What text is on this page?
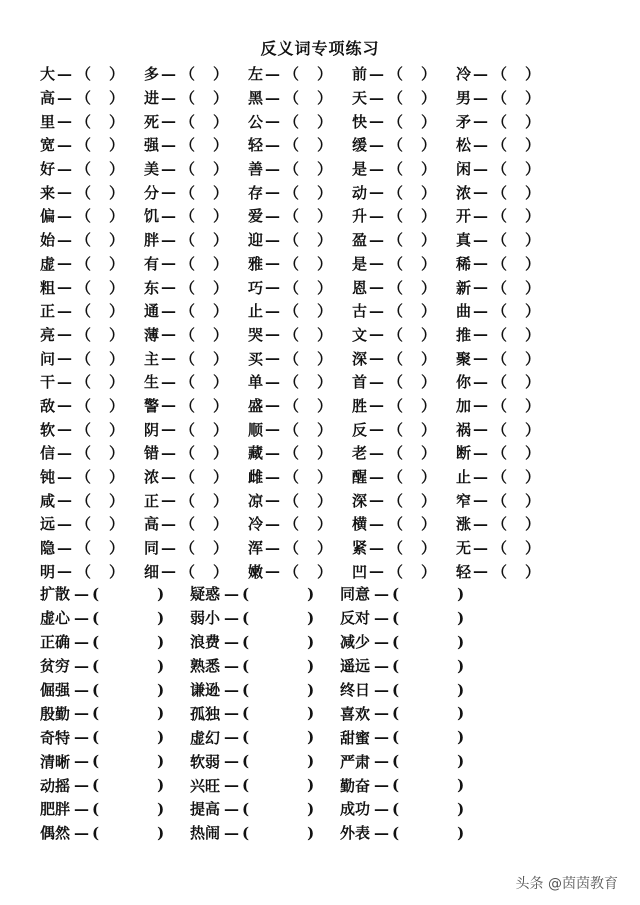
反义词专项练习
大 — （ ） 多 — （ ） 左 — （ ） 前 — （ ） 冷 — （ ）
高 — （ ） 进 — （ ） 黑 — （ ） 天 — （ ） 男 — （ ）
里 — （ ） 死 — （ ） 公 — （ ） 快 — （ ） 矛 — （ ）
宽 — （ ） 强 — （ ） 轻 — （ ） 缓 — （ ） 松 — （ ）
好 — （ ） 美 — （ ） 善 — （ ） 是 — （ ） 闲 — （ ）
来 — （ ） 分 — （ ） 存 — （ ） 动 — （ ） 浓 — （ ）
偏 — （ ） 饥 — （ ） 爱 — （ ） 升 — （ ） 开 — （ ）
始 — （ ） 胖 — （ ） 迎 — （ ） 盈 — （ ） 真 — （ ）
虚 — （ ） 有 — （ ） 雅 — （ ） 是 — （ ） 稀 — （ ）
粗 — （ ） 东 — （ ） 巧 — （ ） 恩 — （ ） 新 — （ ）
正 — （ ） 通 — （ ） 止 — （ ） 古 — （ ） 曲 — （ ）
亮 — （ ） 薄 — （ ） 哭 — （ ） 文 — （ ） 推 — （ ）
问 — （ ） 主 — （ ） 买 — （ ） 深 — （ ） 聚 — （ ）
干 — （ ） 生 — （ ） 单 — （ ） 首 — （ ） 你 — （ ）
敌 — （ ） 警 — （ ） 盛 — （ ） 胜 — （ ） 加 — （ ）
软 — （ ） 阴 — （ ） 顺 — （ ） 反 — （ ） 祸 — （ ）
信 — （ ） 错 — （ ） 藏 — （ ） 老 — （ ） 断 — （ ）
钝 — （ ） 浓 — （ ） 雌 — （ ） 醒 — （ ） 止 — （ ）
咸 — （ ） 正 — （ ） 凉 — （ ） 深 — （ ） 窄 — （ ）
远 — （ ） 高 — （ ） 冷 — （ ） 横 — （ ） 涨 — （ ）
隐 — （ ） 同 — （ ） 浑 — （ ） 紧 — （ ） 无 — （ ）
明 — （ ） 细 — （ ） 嫩 — （ ） 凹 — （ ） 轻 — （ ）
扩散 — (	) 疑惑 — (	) 同意 — (	)
虚心 — (	) 弱小 — (	) 反对 — (	)
正确 — (	) 浪费 — (	) 减少 — (	)
贫穷 — (	) 熟悉 — (	) 遥远 — (	)
倔强 — (	) 谦逊 — (	) 终日 — (	)
殷勤 — (	) 孤独 — (	) 喜欢 — (	)
奇特 — (	) 虚幻 — (	) 甜蜜 — (	)
清晰 — (	) 软弱 — (	) 严肃 — (	)
动摇 — (	) 兴旺 — (	) 勤奋 — (	)
肥胖 — (	) 提高 — (	) 成功 — (	)
偶然 — (	) 热闹 — (	) 外表 — (	)
头条 @茵茵教育
